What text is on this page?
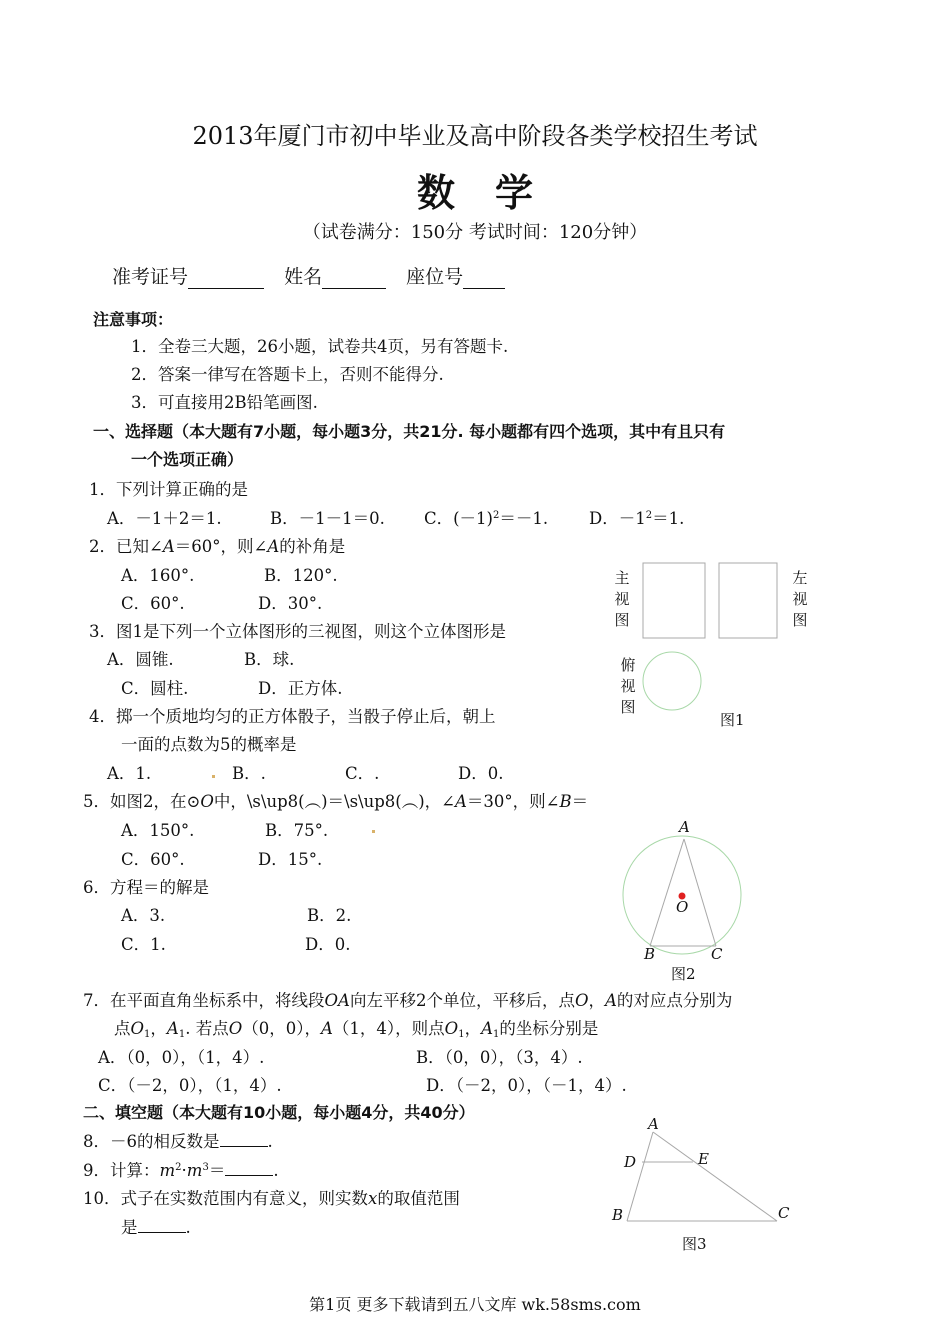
2013年厦门市初中毕业及高中阶段各类学校招生考试
数学
（试卷满分：150分 考试时间：120分钟）
准考证号	姓名	座位号
注意事项：
1．全卷三大题，26小题，试卷共4页，另有答题卡.
2．答案一律写在答题卡上，否则不能得分.
3．可直接用2B铅笔画图.
一、选择题（本大题有7小题，每小题3分，共21分. 每小题都有四个选项，其中有且只有
一个选项正确）
1．下列计算正确的是
A．－1＋2＝1.	B．－1－1＝0. C．$(-1)^2=-1$. D．$-1^2=1$.
2．已知∠A＝60°，则∠A的补角是
A．160°.	B．120°.
C．60°.	D．30°.
3．图1是下列一个立体图形的三视图，则这个立体图形是
A．圆锥.	B．球.
C．圆柱.	D．正方体.
4．掷一个质地均匀的正方体骰子，当骰子停止后，朝上
一面的点数为5的概率是
A．1.	B．.	C．.	D．0.
5．如图2，在⊙O中，\s\up8(︵)＝\s\up8(︵)，∠A＝30°，则∠B＝
A．150°.	B．75°.
C．60°.	D．15°.
6．方程＝的解是
A．3.	B．2.
C．1.	D．0.
7．在平面直角坐标系中，将线段OA向左平移2个单位，平移后，点O，A的对应点分别为
点$O_1$，$A_1$. 若点O（0，0），A（1，4），则点$O_1$，$A_1$的坐标分别是
A．（0，0），（1，4）.	B．（0，0），（3，4）.
C．（－2，0），（1，4）.	D．（－2，0），（－1，4）.
二、填空题（本大题有10小题，每小题4分，共40分）
8．－6的相反数是	.
9．计算：$m^2\cdot m^3=$	.
10．式子在实数范围内有意义，则实数x的取值范围
是	.
主视图
左视图
俯视图
图1
A
O
B	C
图2
A
D	E
B	C
图3
第1页 更多下载请到五八文库 wk.58sms.com
